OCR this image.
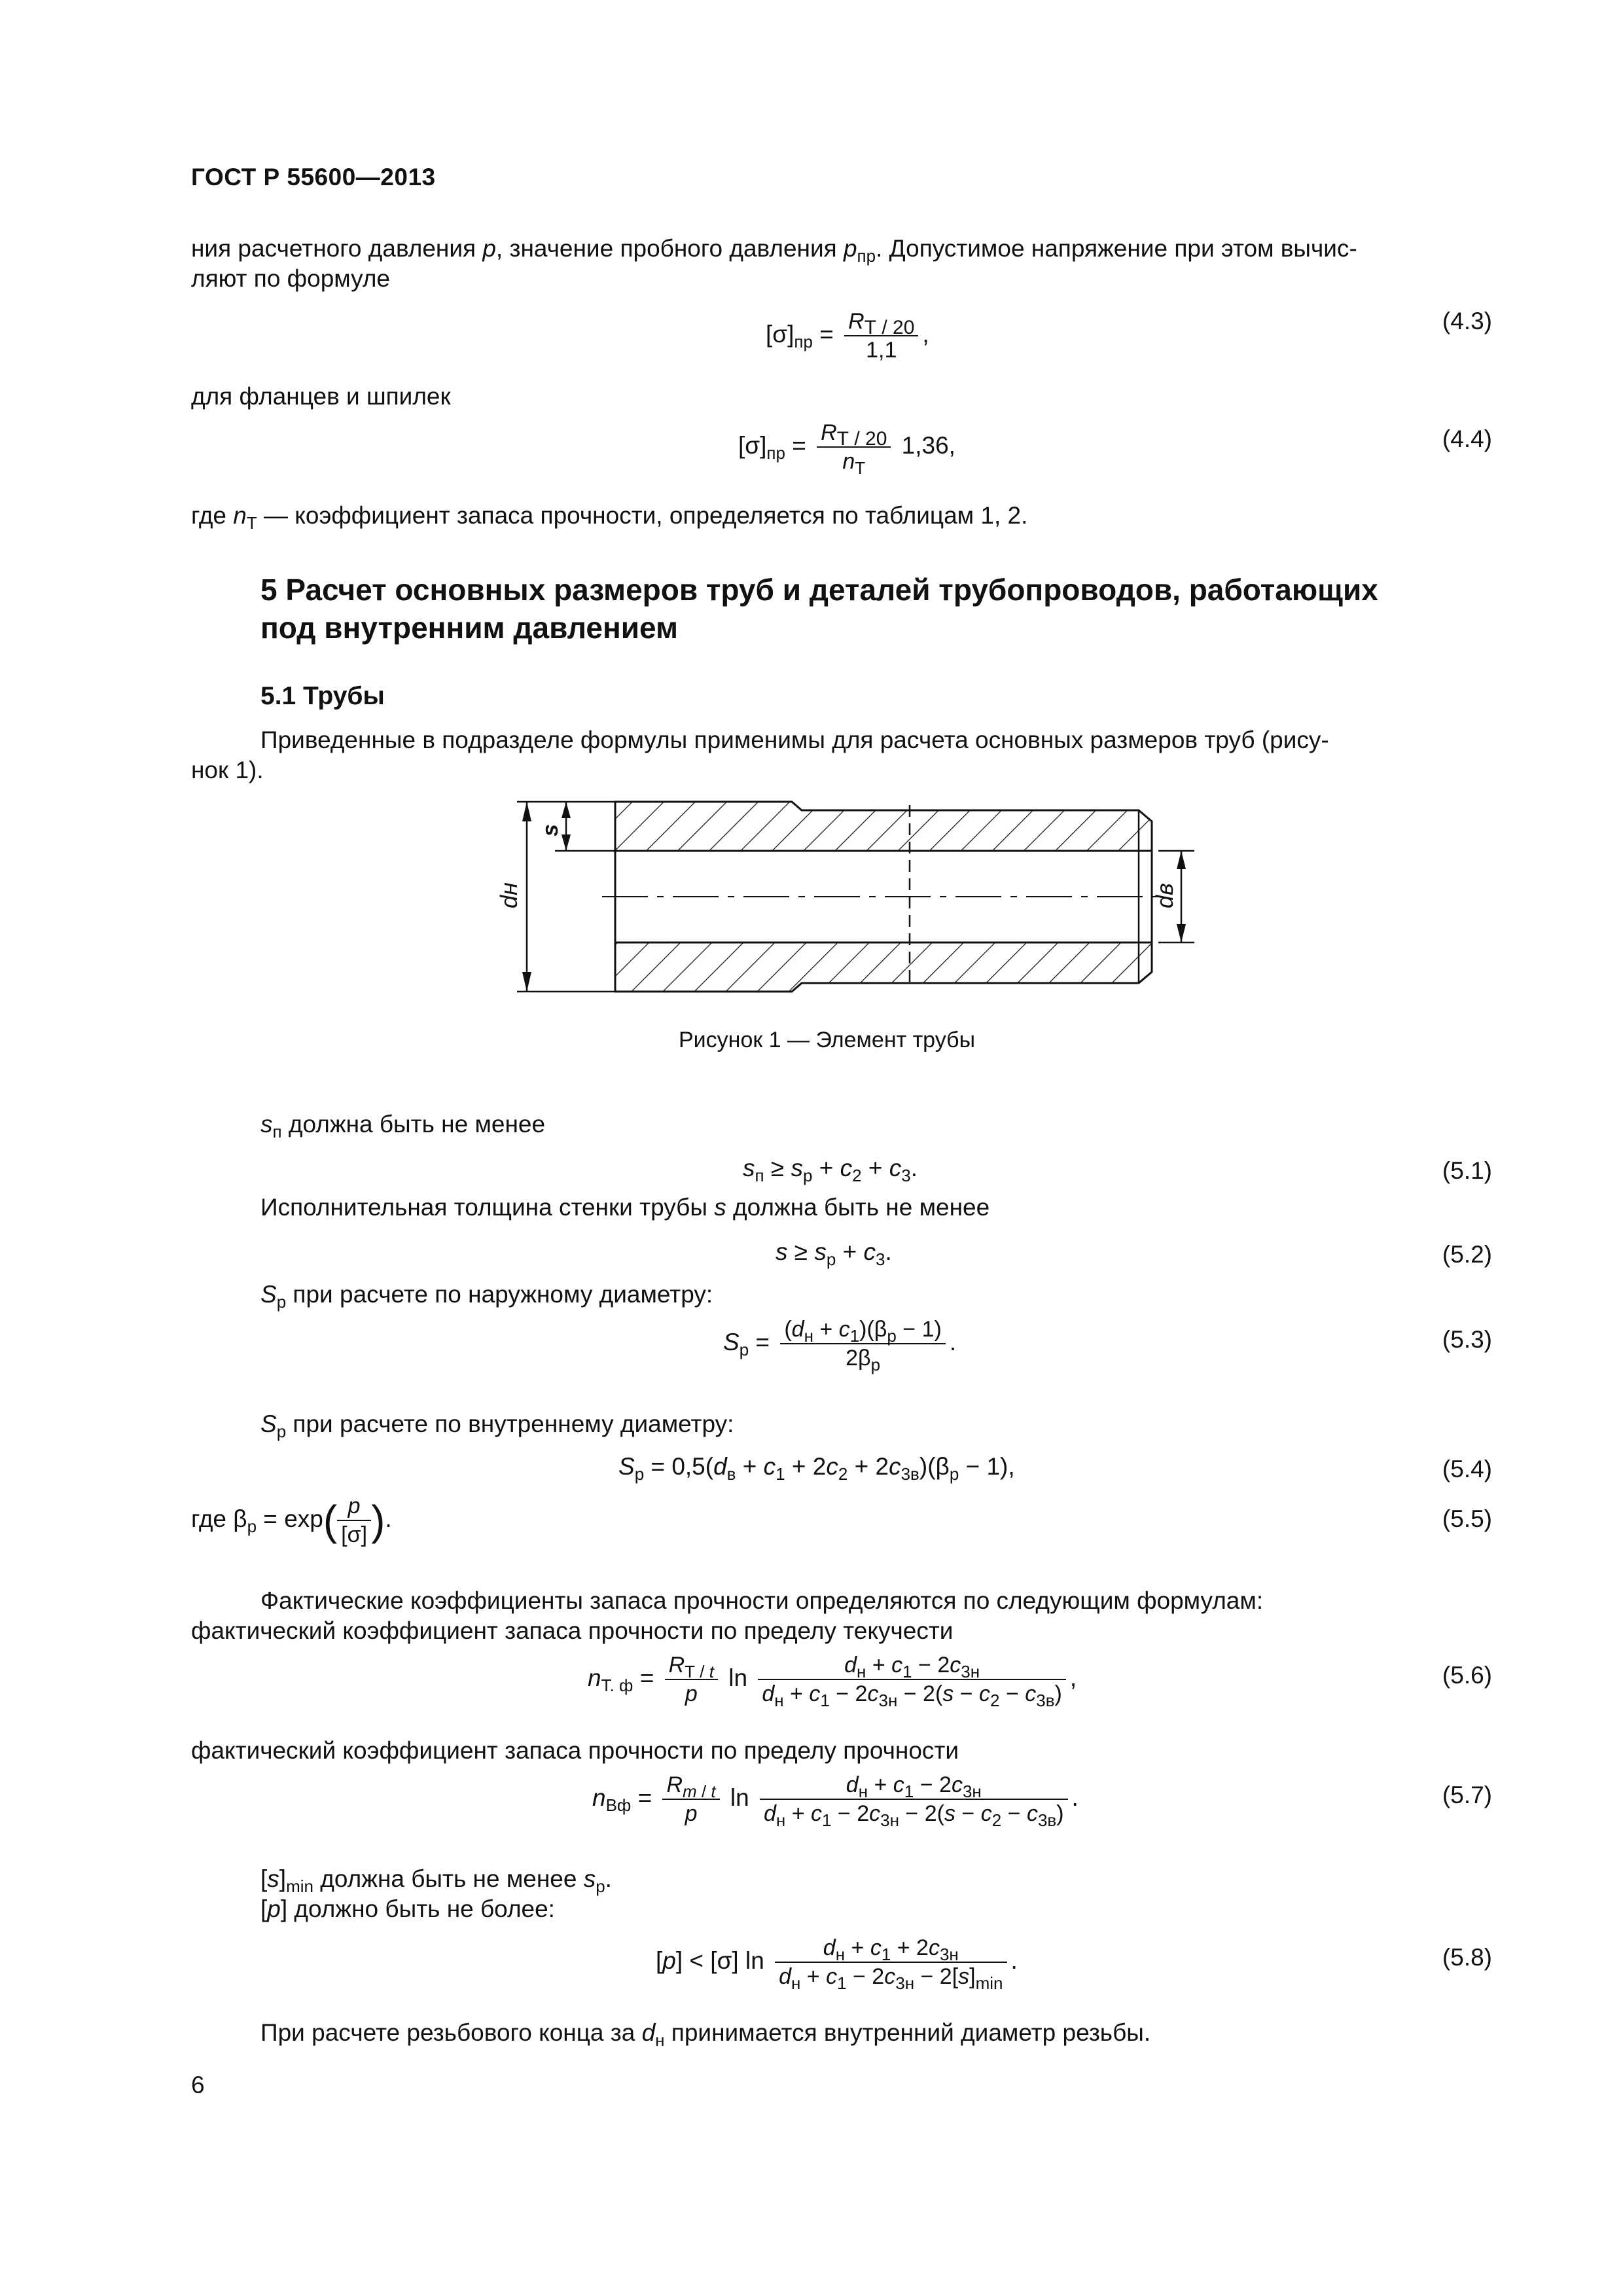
ГОСТ Р 55600—2013
ния расчетного давления p, значение пробного давления $p_{пр}$. Допустимое напряжение при этом вычис-
ляют по формуле
$[\sigma]_{пр} = \frac{R_{Т / 20}}{1,1}$ ,	(4.3)
для фланцев и шпилек
$[\sigma]_{пр} = \frac{R_{Т / 20}}{n_Т} 1,36$,	(4.4)
где $n_Т$ — коэффициент запаса прочности, определяется по таблицам 1, 2.
5 Расчет основных размеров труб и деталей трубопроводов, работающих
под внутренним давлением
5.1 Трубы
Приведенные в подразделе формулы применимы для расчета основных размеров труб (рису-
нок 1).
s
dн	dв
Рисунок 1 — Элемент трубы
$s_п$ должна быть не менее
$s_п \ge s_р + c_2 + c_3$.	(5.1)
Исполнительная толщина стенки трубы s должна быть не менее
$s \ge s_р + c_3$.	(5.2)
$S_р$ при расчете по наружному диаметру:
$S_р = \frac{(d_н + c_1)(\beta_р - 1)}{2\beta_р}$ .	(5.3)
$S_р$ при расчете по внутреннему диаметру:
$S_р = 0,5(d_в + c_1 + 2c_2 + 2c_{3в})(\beta_р - 1)$,	(5.4)
где $\beta_р = \exp( \frac{p}{[\sigma]}$ ).	(5.5)
Фактические коэффициенты запаса прочности определяются по следующим формулам:
фактический коэффициент запаса прочности по пределу текучести
$n_{Т. ф} = \frac{R_{Т / t}}{p}$ $\ln \frac{d_н + c_1 - 2c_{3н}}{d_н + c_1 - 2c_{3н} - 2(s - c_2 - c_{3в})}$ ,	(5.6)
фактический коэффициент запаса прочности по пределу прочности
$n_{Вф} = \frac{R_{m / t}}{p}$ $\ln \frac{d_н + c_1 - 2c_{3н}}{d_н + c_1 - 2c_{3н} - 2(s - c_2 - c_{3в})}$ .	(5.7)
$[s]_{min}$ должна быть не менее $s_р$.
[p] должно быть не более:
[p] < [σ] $\ln \frac{d_н + c_1 + 2c_{3н}}{d_н + c_1 - 2c_{3н} - 2[s]_{min}}$ .	(5.8)
При расчете резьбового конца за $d_н$ принимается внутренний диаметр резьбы.
6
